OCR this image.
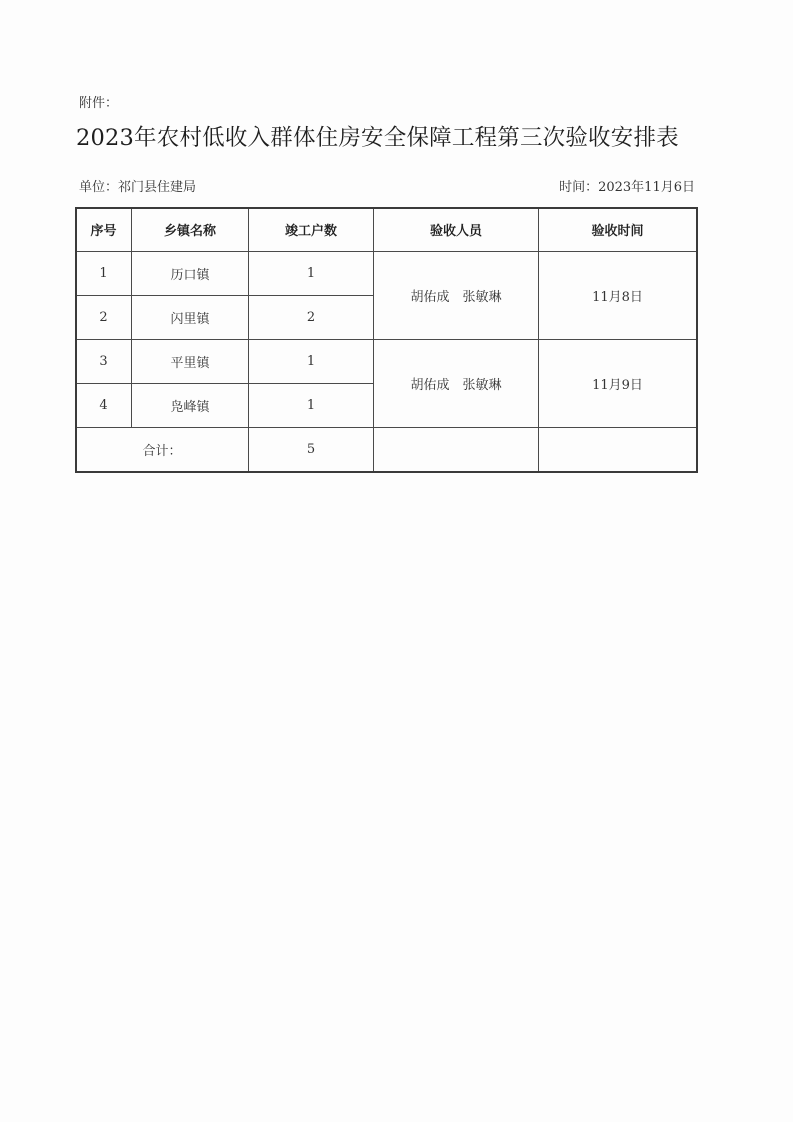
附件：
2023年农村低收入群体住房安全保障工程第三次验收安排表
单位：祁门县住建局	时间：2023年11月6日
序号	乡镇名称	竣工户数	验收人员	验收时间
1	历口镇	1	胡佑成　张敏琳	11月8日
2	闪里镇	2		
3	平里镇	1	胡佑成　张敏琳	11月9日
4	凫峰镇	1		
合计：		5		
